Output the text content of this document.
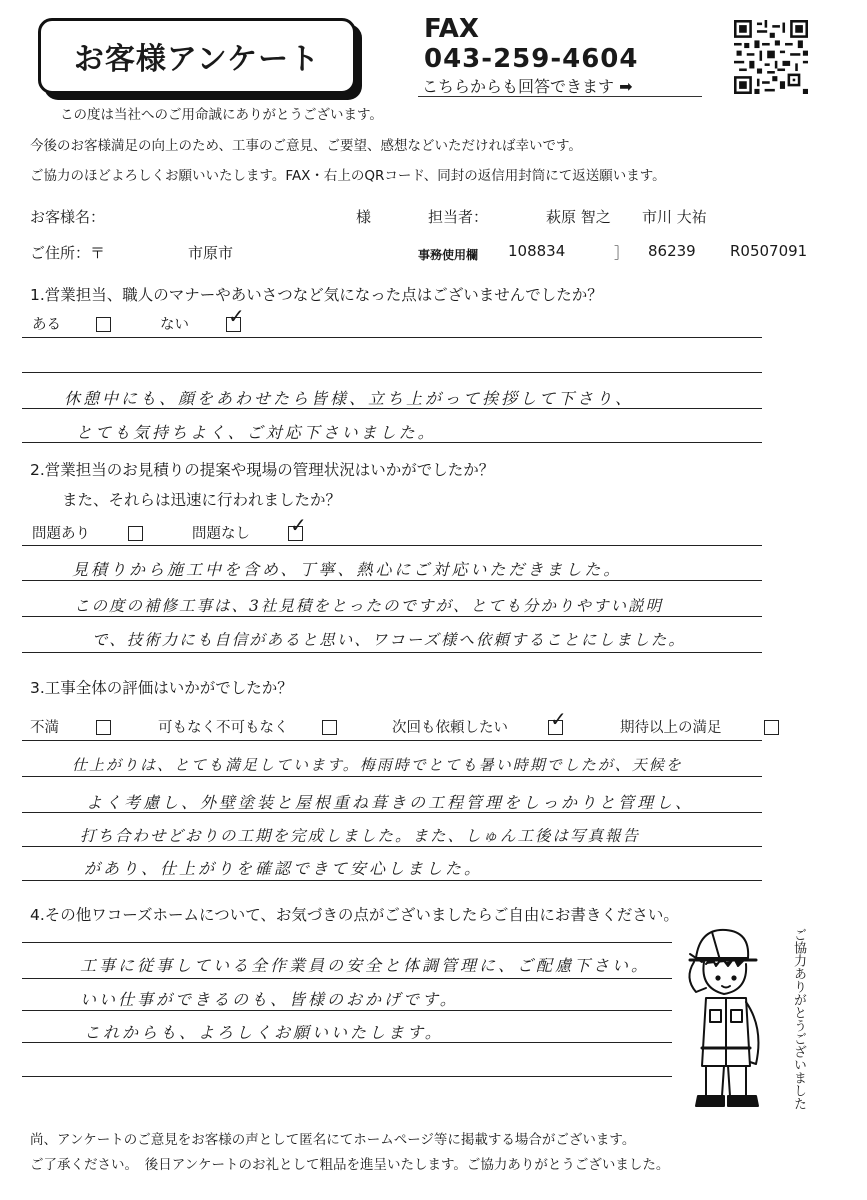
お客様アンケート
FAX
043-259-4604
こちらからも回答できます ➡
この度は当社へのご用命誠にありがとうございます。
今後のお客様満足の向上のため、工事のご意見、ご要望、感想などいただければ幸いです。
ご協力のほどよろしくお願いいたします。FAX・右上のQRコード、同封の返信用封筒にて返送願います。
お客様名：	様	担当者：	萩原 智之 市川 大祐
ご住所：〒	市原市	事務使用欄 108834	］ 86239 R0507091
1.営業担当、職人のマナーやあいさつなど気になった点はございませんでしたか？
ある	ない ✓
休憩中にも、顔をあわせたら皆様、立ち上がって挨拶して下さり、
とても気持ちよく、ご対応下さいました。
2.営業担当のお見積りの提案や現場の管理状況はいかがでしたか？
また、それらは迅速に行われましたか？
問題あり	問題なし ✓
見積りから施工中を含め、丁寧、熱心にご対応いただきました。
この度の補修工事は、3社見積をとったのですが、とても分かりやすい説明
で、技術力にも自信があると思い、ワコーズ様へ依頼することにしました。
3.工事全体の評価はいかがでしたか？
不満	可もなく不可もなく	次回も依頼したい ✓	期待以上の満足
仕上がりは、とても満足しています。梅雨時でとても暑い時期でしたが、天候を
よく考慮し、外壁塗装と屋根重ね葺きの工程管理をしっかりと管理し、
打ち合わせどおりの工期を完成しました。また、しゅん工後は写真報告
があり、仕上がりを確認できて安心しました。
4.その他ワコーズホームについて、お気づきの点がございましたらご自由にお書きください。
工事に従事している全作業員の安全と体調管理に、ご配慮下さい。
いい仕事ができるのも、皆様のおかげです。
これからも、よろしくお願いいたします。	ご協力ありがとうございました
尚、アンケートのご意見をお客様の声として匿名にてホームページ等に掲載する場合がございます。
ご了承ください。　後日アンケートのお礼として粗品を進呈いたします。ご協力ありがとうございました。
